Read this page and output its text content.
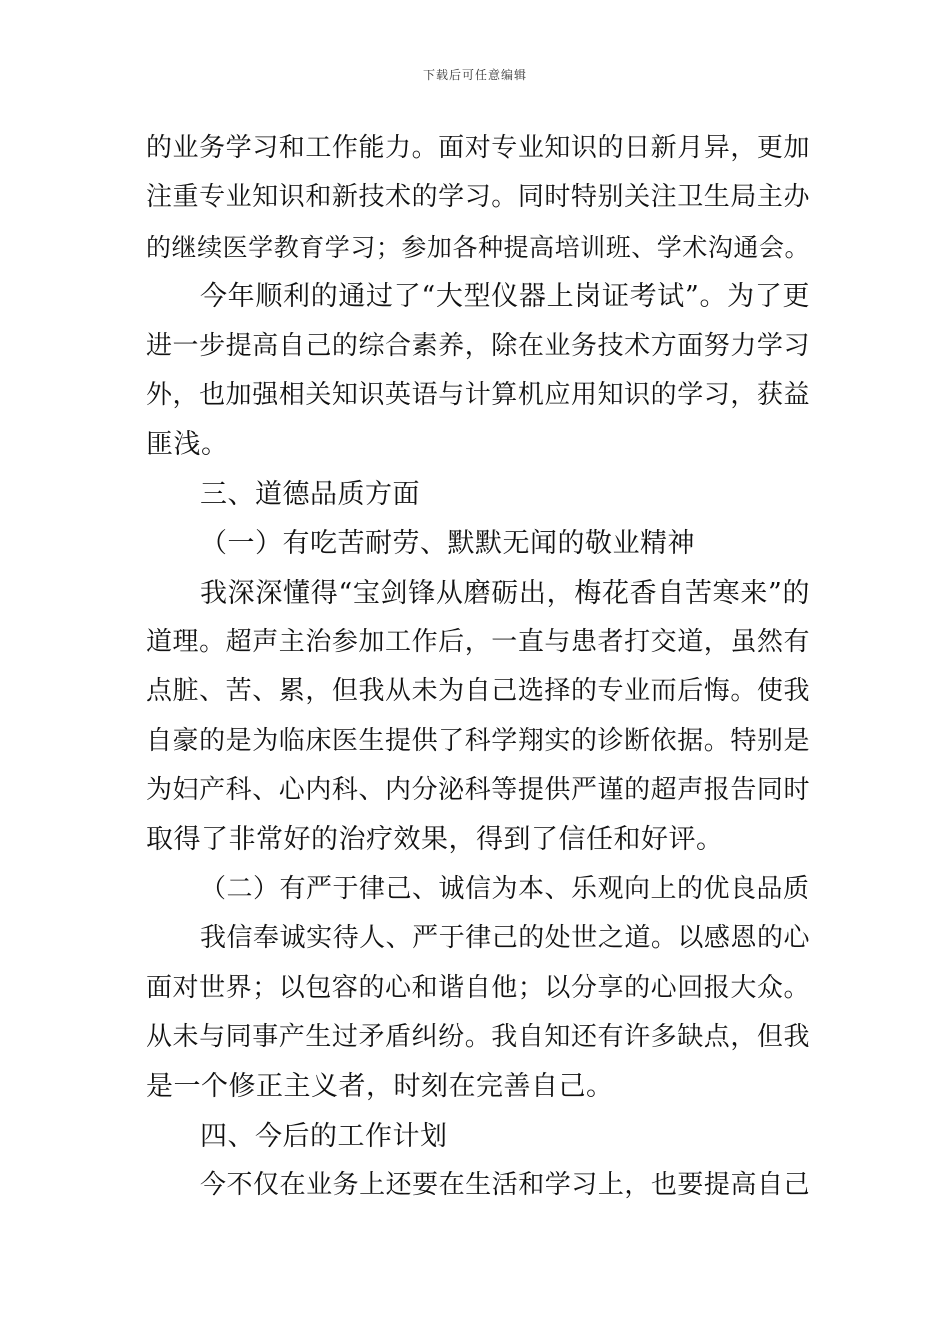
下载后可任意编辑
的业务学习和工作能力。面对专业知识的日新月异，更加
注重专业知识和新技术的学习。同时特别关注卫生局主办
的继续医学教育学习；参加各种提高培训班、学术沟通会。
今年顺利的通过了“大型仪器上岗证考试”。为了更
进一步提高自己的综合素养，除在业务技术方面努力学习
外，也加强相关知识英语与计算机应用知识的学习，获益
匪浅。
三、道德品质方面
（一）有吃苦耐劳、默默无闻的敬业精神
我深深懂得“宝剑锋从磨砺出，梅花香自苦寒来”的
道理。超声主治参加工作后，一直与患者打交道，虽然有
点脏、苦、累，但我从未为自己选择的专业而后悔。使我
自豪的是为临床医生提供了科学翔实的诊断依据。特别是
为妇产科、心内科、内分泌科等提供严谨的超声报告同时
取得了非常好的治疗效果，得到了信任和好评。
（二）有严于律己、诚信为本、乐观向上的优良品质
我信奉诚实待人、严于律己的处世之道。以感恩的心
面对世界；以包容的心和谐自他；以分享的心回报大众。
从未与同事产生过矛盾纠纷。我自知还有许多缺点，但我
是一个修正主义者，时刻在完善自己。
四、今后的工作计划
今不仅在业务上还要在生活和学习上，也要提高自己
